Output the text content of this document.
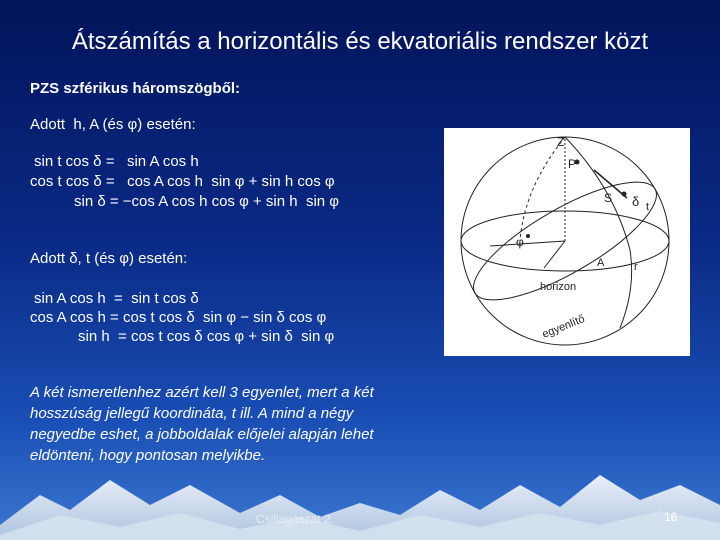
Átszámítás a horizontális és ekvatoriális rendszer közt
PZS szférikus háromszögből:
Adott  h, A (és φ) esetén:
sin t cos δ =   sin A cos h
cos t cos δ =   cos A cos h  sin φ + sin h cos φ
sin δ = −cos A cos h cos φ + sin h  sin φ
Adott δ, t (és φ) esetén:
sin A cos h  =  sin t cos δ
cos A cos h = cos t cos δ  sin φ − sin δ cos φ
sin h  = cos t cos δ cos φ + sin δ  sin φ
A két ismeretlenhez azért kell 3 egyenlet, mert a két
hosszúság jellegű koordináta, t ill. A mind a négy
negyedbe eshet, a jobboldalak előjelei alapján lehet
eldönteni, hogy pontosan melyikbe.
Z
P
S δ t
φ
A	r
horizon
egyenlítő
Csillagászat 2.	16
